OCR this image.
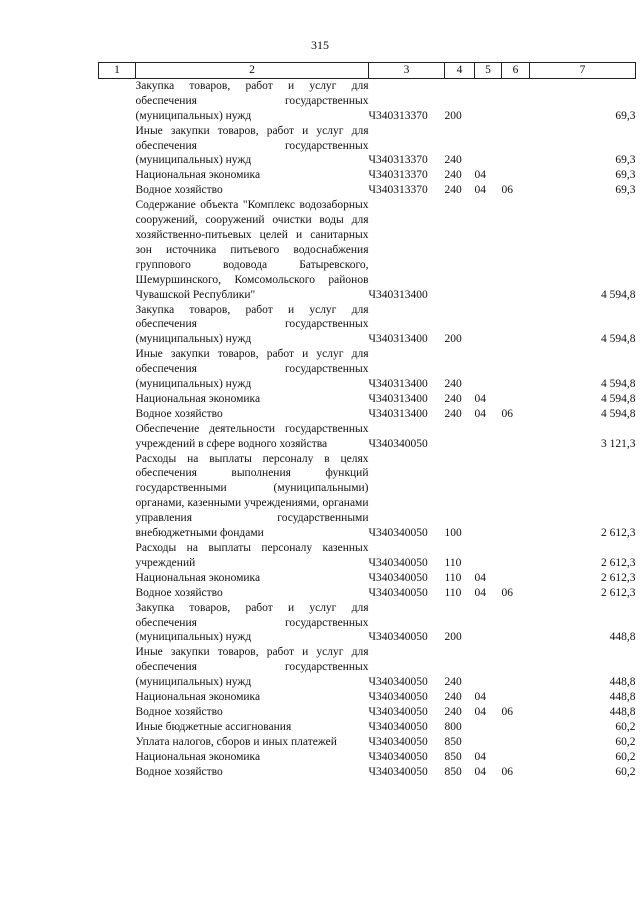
315
1	2	3	4	5	6	7
	Закупка товаров, работ и услуг для обеспечения государственных (муниципальных) нужд	Ч340313370	200			69,3
	Иные закупки товаров, работ и услуг для обеспечения государственных (муниципальных) нужд	Ч340313370	240			69,3
	Национальная экономика	Ч340313370	240	04		69,3
	Водное хозяйство	Ч340313370	240	04	06	69,3
	Содержание объекта "Комплекс водозаборных сооружений, сооружений очистки воды для хозяйственно-питьевых целей и санитарных зон источника питьевого водоснабжения группового водовода Батыревского, Шемуршинского, Комсомольского районов Чувашской Республики"	Ч340313400				4 594,8
	Закупка товаров, работ и услуг для обеспечения государственных (муниципальных) нужд	Ч340313400	200			4 594,8
	Иные закупки товаров, работ и услуг для обеспечения государственных (муниципальных) нужд	Ч340313400	240			4 594,8
	Национальная экономика	Ч340313400	240	04		4 594,8
	Водное хозяйство	Ч340313400	240	04	06	4 594,8
	Обеспечение деятельности государственных учреждений в сфере водного хозяйства	Ч340340050				3 121,3
	Расходы на выплаты персоналу в целях обеспечения выполнения функций государственными (муниципальными) органами, казенными учреждениями, органами управления государственными внебюджетными фондами	Ч340340050	100			2 612,3
	Расходы на выплаты персоналу казенных учреждений	Ч340340050	110			2 612,3
	Национальная экономика	Ч340340050	110	04		2 612,3
	Водное хозяйство	Ч340340050	110	04	06	2 612,3
	Закупка товаров, работ и услуг для обеспечения государственных (муниципальных) нужд	Ч340340050	200			448,8
	Иные закупки товаров, работ и услуг для обеспечения государственных (муниципальных) нужд	Ч340340050	240			448,8
	Национальная экономика	Ч340340050	240	04		448,8
	Водное хозяйство	Ч340340050	240	04	06	448,8
	Иные бюджетные ассигнования	Ч340340050	800			60,2
	Уплата налогов, сборов и иных платежей	Ч340340050	850			60,2
	Национальная экономика	Ч340340050	850	04		60,2
	Водное хозяйство	Ч340340050	850	04	06	60,2
